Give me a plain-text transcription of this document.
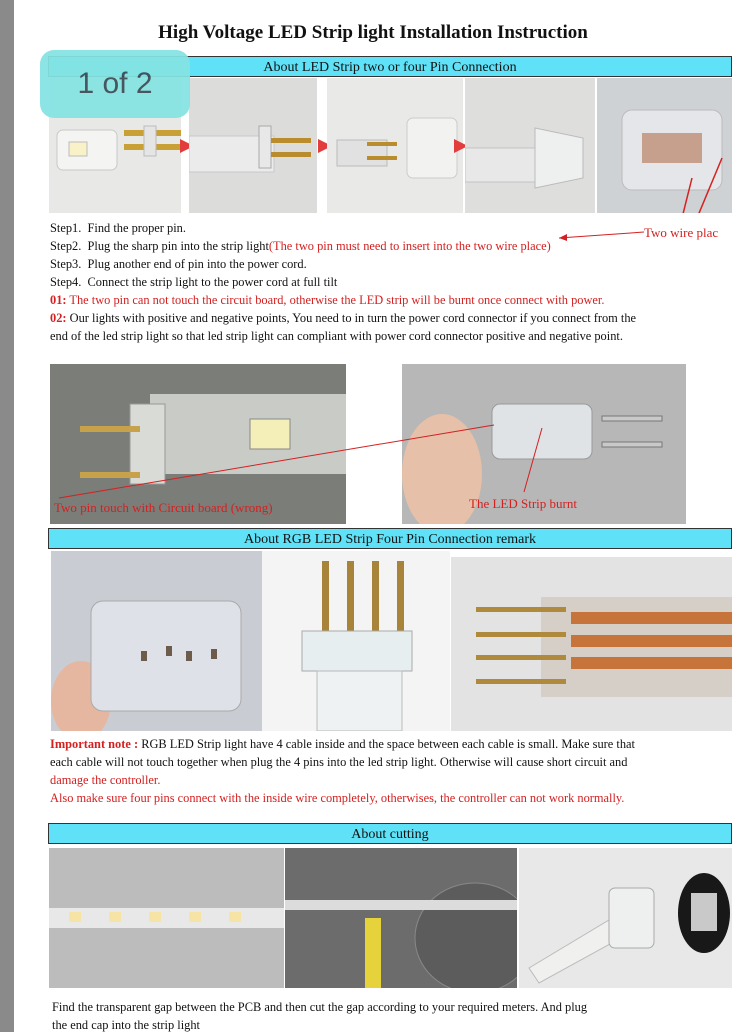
High Voltage LED Strip light Installation Instruction
About LED Strip two or four Pin Connection
1 of 2
Two wire plac
Step1. Find the proper pin.
Step2. Plug the sharp pin into the strip light(The two pin must need to insert into the two wire place)
Step3. Plug another end of pin into the power cord.
Step4. Connect the strip light to the power cord at full tilt
01: The two pin can not touch the circuit board, otherwise the LED strip will be burnt once connect with power.
02: Our lights with positive and negative points, You need to in turn the power cord connector if you connect from the
end of the led strip light so that led strip light can compliant with power cord connector positive and negative point.
Two pin touch with Circuit board (wrong)	The LED Strip burnt
About RGB LED Strip Four Pin Connection remark
Important note : RGB LED Strip light have 4 cable inside and the space between each cable is small. Make sure that
each cable will not touch together when plug the 4 pins into the led strip light. Otherwise will cause short circuit and
damage the controller.
Also make sure four pins connect with the inside wire completely, otherwises, the controller can not work normally.
About cutting
Find the transparent gap between the PCB and then cut the gap according to your required meters. And plug
the end cap into the strip light
